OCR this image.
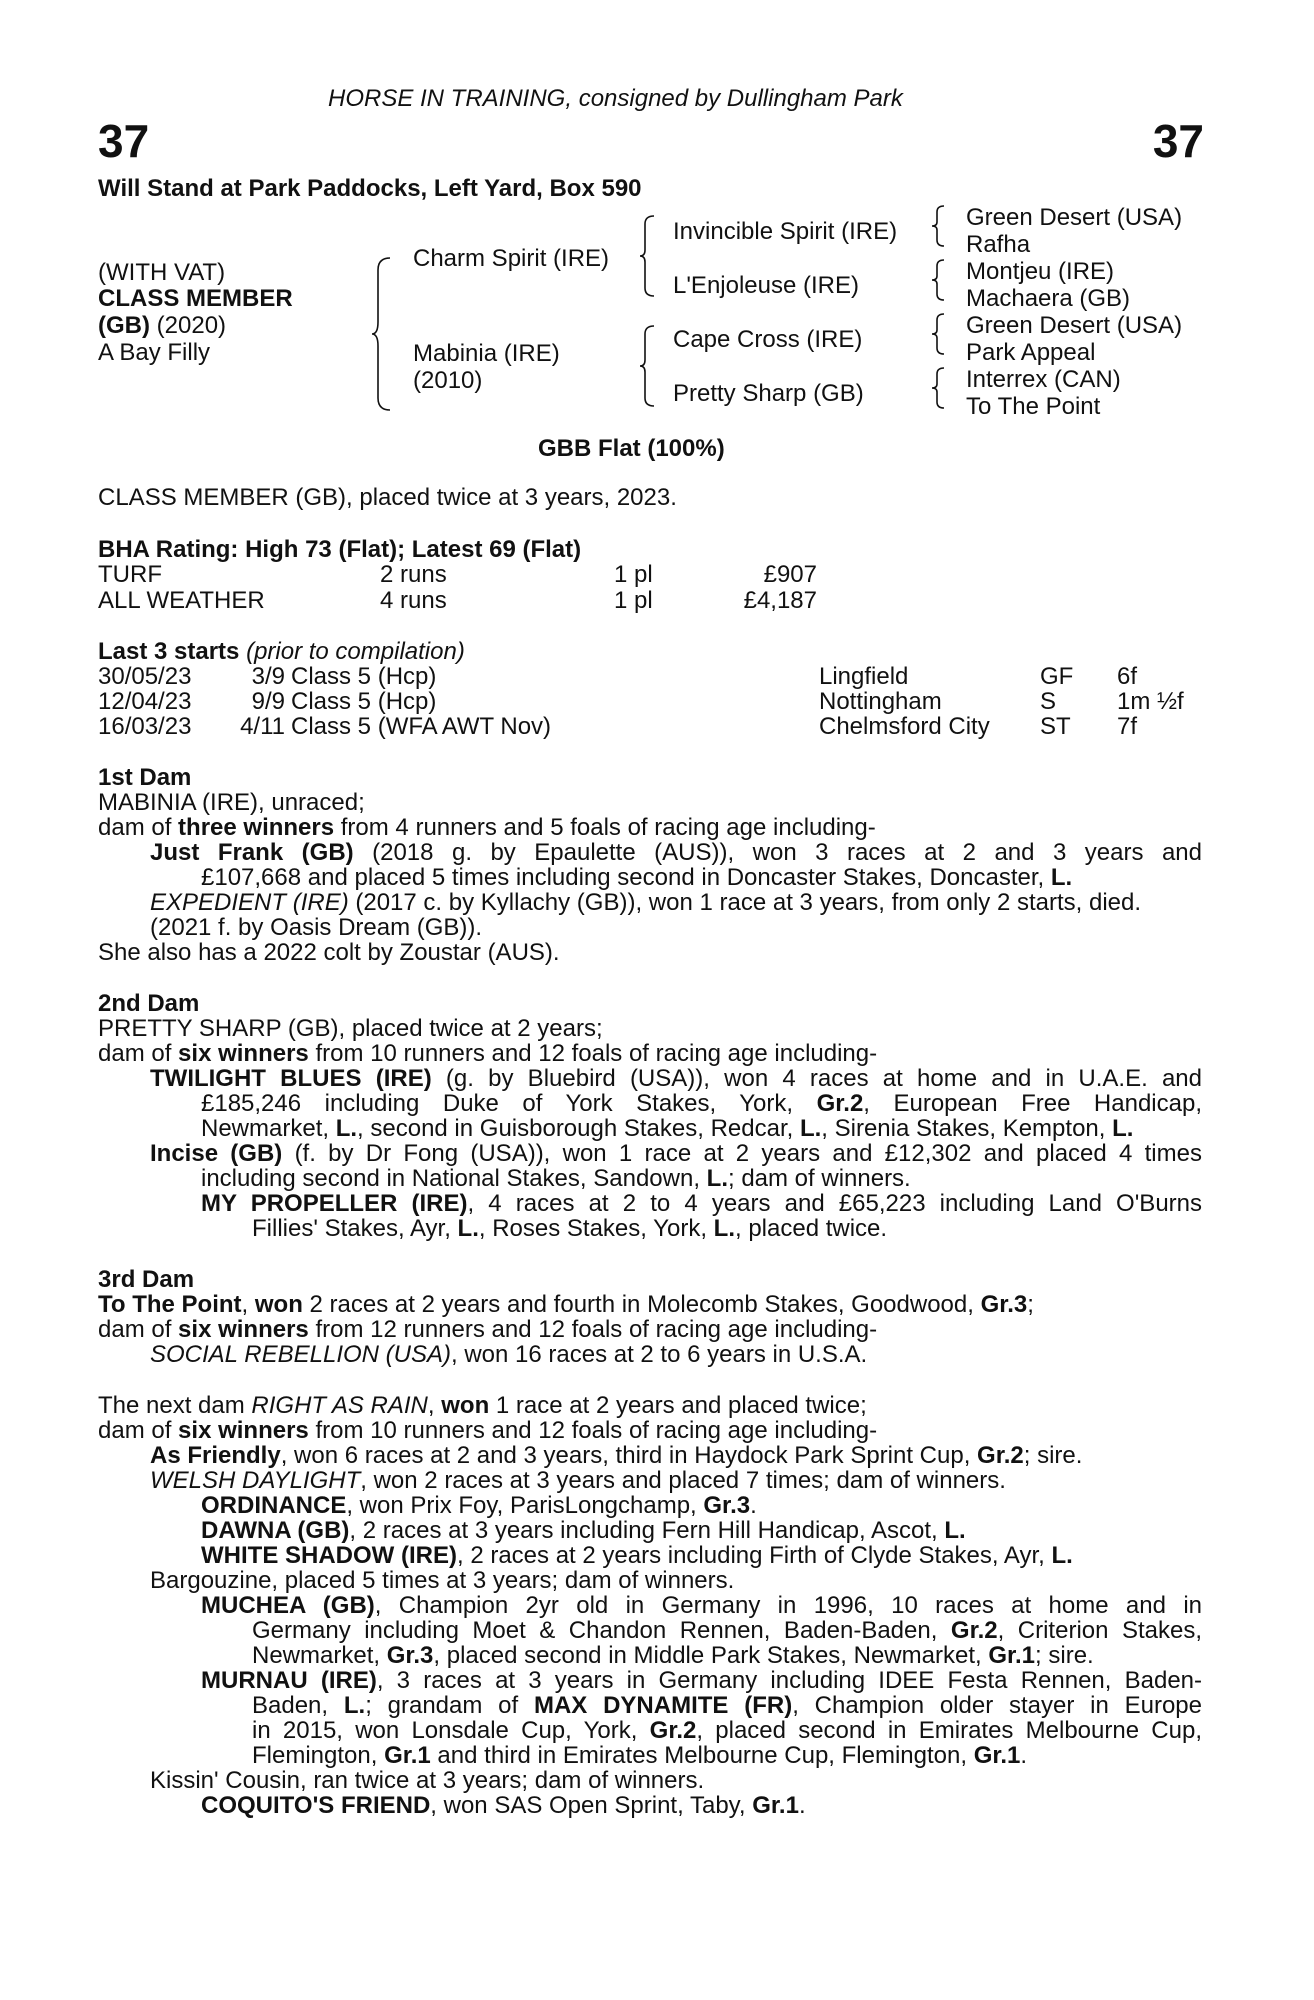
HORSE IN TRAINING, consigned by Dullingham Park
37	37
Will Stand at Park Paddocks, Left Yard, Box 590
(WITH VAT)
CLASS MEMBER
(GB) (2020)
A Bay Filly
Charm Spirit (IRE)
Mabinia (IRE)
(2010)
Invincible Spirit (IRE)
L'Enjoleuse (IRE)
Cape Cross (IRE)
Pretty Sharp (GB)
Green Desert (USA)
Rafha
Montjeu (IRE)
Machaera (GB)
Green Desert (USA)
Park Appeal
Interrex (CAN)
To The Point
GBB Flat (100%)
CLASS MEMBER (GB), placed twice at 3 years, 2023.
BHA Rating: High 73 (Flat); Latest 69 (Flat)
TURF	2 runs	1 pl	£907
ALL WEATHER	4 runs	1 pl	£4,187
Last 3 starts (prior to compilation)
30/05/23	3/9 Class 5 (Hcp)	Lingfield	GF 6f
12/04/23	9/9 Class 5 (Hcp)	Nottingham	S	1m ½f
16/03/23 4/11 Class 5 (WFA AWT Nov)	Chelmsford City ST 7f
1st Dam
MABINIA (IRE), unraced;
dam of three winners from 4 runners and 5 foals of racing age including-
Just Frank (GB) (2018 g. by Epaulette (AUS)), won 3 races at 2 and 3 years and
£107,668 and placed 5 times including second in Doncaster Stakes, Doncaster, L.
EXPEDIENT (IRE) (2017 c. by Kyllachy (GB)), won 1 race at 3 years, from only 2 starts, died.
(2021 f. by Oasis Dream (GB)).
She also has a 2022 colt by Zoustar (AUS).
2nd Dam
PRETTY SHARP (GB), placed twice at 2 years;
dam of six winners from 10 runners and 12 foals of racing age including-
TWILIGHT BLUES (IRE) (g. by Bluebird (USA)), won 4 races at home and in U.A.E. and
£185,246 including Duke of York Stakes, York, Gr.2, European Free Handicap,
Newmarket, L., second in Guisborough Stakes, Redcar, L., Sirenia Stakes, Kempton, L.
Incise (GB) (f. by Dr Fong (USA)), won 1 race at 2 years and £12,302 and placed 4 times
including second in National Stakes, Sandown, L.; dam of winners.
MY PROPELLER (IRE), 4 races at 2 to 4 years and £65,223 including Land O'Burns
Fillies' Stakes, Ayr, L., Roses Stakes, York, L., placed twice.
3rd Dam
To The Point, won 2 races at 2 years and fourth in Molecomb Stakes, Goodwood, Gr.3;
dam of six winners from 12 runners and 12 foals of racing age including-
SOCIAL REBELLION (USA), won 16 races at 2 to 6 years in U.S.A.
The next dam RIGHT AS RAIN, won 1 race at 2 years and placed twice;
dam of six winners from 10 runners and 12 foals of racing age including-
As Friendly, won 6 races at 2 and 3 years, third in Haydock Park Sprint Cup, Gr.2; sire.
WELSH DAYLIGHT, won 2 races at 3 years and placed 7 times; dam of winners.
ORDINANCE, won Prix Foy, ParisLongchamp, Gr.3.
DAWNA (GB), 2 races at 3 years including Fern Hill Handicap, Ascot, L.
WHITE SHADOW (IRE), 2 races at 2 years including Firth of Clyde Stakes, Ayr, L.
Bargouzine, placed 5 times at 3 years; dam of winners.
MUCHEA (GB), Champion 2yr old in Germany in 1996, 10 races at home and in
Germany including Moet & Chandon Rennen, Baden-Baden, Gr.2, Criterion Stakes,
Newmarket, Gr.3, placed second in Middle Park Stakes, Newmarket, Gr.1; sire.
MURNAU (IRE), 3 races at 3 years in Germany including IDEE Festa Rennen, Baden-
Baden, L.; grandam of MAX DYNAMITE (FR), Champion older stayer in Europe
in 2015, won Lonsdale Cup, York, Gr.2, placed second in Emirates Melbourne Cup,
Flemington, Gr.1 and third in Emirates Melbourne Cup, Flemington, Gr.1.
Kissin' Cousin, ran twice at 3 years; dam of winners.
COQUITO'S FRIEND, won SAS Open Sprint, Taby, Gr.1.
